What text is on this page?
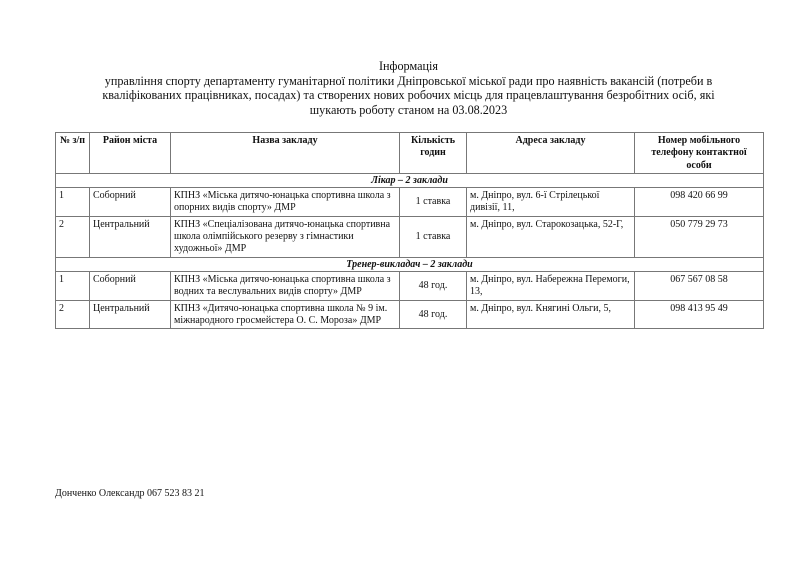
Інформація
управління спорту департаменту гуманітарної політики Дніпровської міської ради про наявність вакансій (потреби в
кваліфікованих працівниках, посадах) та створених нових робочих місць для працевлаштування безробітних осіб, які
шукають роботу станом на 03.08.2023
№ з/п	Район міста	Назва закладу	Кількість годин	Адреса закладу	Номер мобільного телефону контактної особи
Лікар – 2 заклади					
1	Соборний	КПНЗ «Міська дитячо-юнацька спортивна школа з опорних видів спорту» ДМР	1 ставка	м. Дніпро, вул. 6-ї Стрілецької дивізії, 11,	098 420 66 99
2	Центральний	КПНЗ «Спеціалізована дитячо-юнацька спортивна школа олімпійського резерву з гімнастики художньої» ДМР	1 ставка	м. Дніпро, вул. Старокозацька, 52-Г,	050 779 29 73
Тренер-викладач – 2 заклади					
1	Соборний	КПНЗ «Міська дитячо-юнацька спортивна школа з водних та веслувальних видів спорту» ДМР	48 год.	м. Дніпро, вул. Набережна Перемоги, 13,	067 567 08 58
2	Центральний	КПНЗ «Дитячо-юнацька спортивна школа № 9 ім. міжнародного гросмейстера О. С. Мороза» ДМР	48 год.	м. Дніпро, вул. Княгині Ольги, 5,	098 413 95 49
Донченко Олександр 067 523 83 21
